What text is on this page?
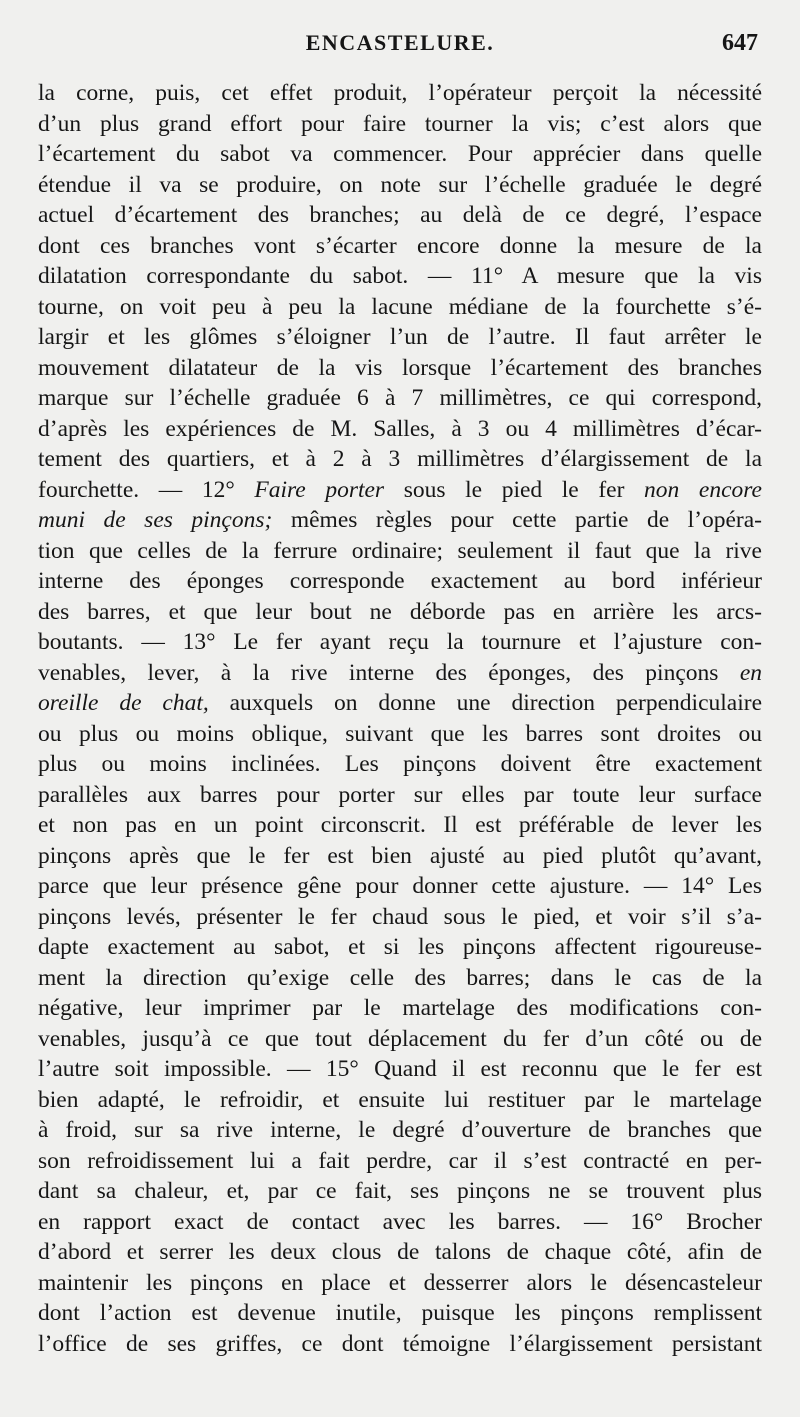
ENCASTELURE.	647
la corne, puis, cet effet produit, l’opérateur perçoit la nécessité
d’un plus grand effort pour faire tourner la vis; c’est alors que
l’écartement du sabot va commencer. Pour apprécier dans quelle
étendue il va se produire, on note sur l’échelle graduée le degré
actuel d’écartement des branches; au delà de ce degré, l’espace
dont ces branches vont s’écarter encore donne la mesure de la
dilatation correspondante du sabot. — 11° A mesure que la vis
tourne, on voit peu à peu la lacune médiane de la fourchette s’é-
largir et les glômes s’éloigner l’un de l’autre. Il faut arrêter le
mouvement dilatateur de la vis lorsque l’écartement des branches
marque sur l’échelle graduée 6 à 7 millimètres, ce qui correspond,
d’après les expériences de M. Salles, à 3 ou 4 millimètres d’écar-
tement des quartiers, et à 2 à 3 millimètres d’élargissement de la
fourchette. — 12° Faire porter sous le pied le fer non encore
muni de ses pinçons; mêmes règles pour cette partie de l’opéra-
tion que celles de la ferrure ordinaire; seulement il faut que la rive
interne des éponges corresponde exactement au bord inférieur
des barres, et que leur bout ne déborde pas en arrière les arcs-
boutants. — 13° Le fer ayant reçu la tournure et l’ajusture con-
venables, lever, à la rive interne des éponges, des pinçons en
oreille de chat, auxquels on donne une direction perpendiculaire
ou plus ou moins oblique, suivant que les barres sont droites ou
plus ou moins inclinées. Les pinçons doivent être exactement
parallèles aux barres pour porter sur elles par toute leur surface
et non pas en un point circonscrit. Il est préférable de lever les
pinçons après que le fer est bien ajusté au pied plutôt qu’avant,
parce que leur présence gêne pour donner cette ajusture. — 14° Les
pinçons levés, présenter le fer chaud sous le pied, et voir s’il s’a-
dapte exactement au sabot, et si les pinçons affectent rigoureuse-
ment la direction qu’exige celle des barres; dans le cas de la
négative, leur imprimer par le martelage des modifications con-
venables, jusqu’à ce que tout déplacement du fer d’un côté ou de
l’autre soit impossible. — 15° Quand il est reconnu que le fer est
bien adapté, le refroidir, et ensuite lui restituer par le martelage
à froid, sur sa rive interne, le degré d’ouverture de branches que
son refroidissement lui a fait perdre, car il s’est contracté en per-
dant sa chaleur, et, par ce fait, ses pinçons ne se trouvent plus
en rapport exact de contact avec les barres. — 16° Brocher
d’abord et serrer les deux clous de talons de chaque côté, afin de
maintenir les pinçons en place et desserrer alors le désencasteleur
dont l’action est devenue inutile, puisque les pinçons remplissent
l’office de ses griffes, ce dont témoigne l’élargissement persistant
